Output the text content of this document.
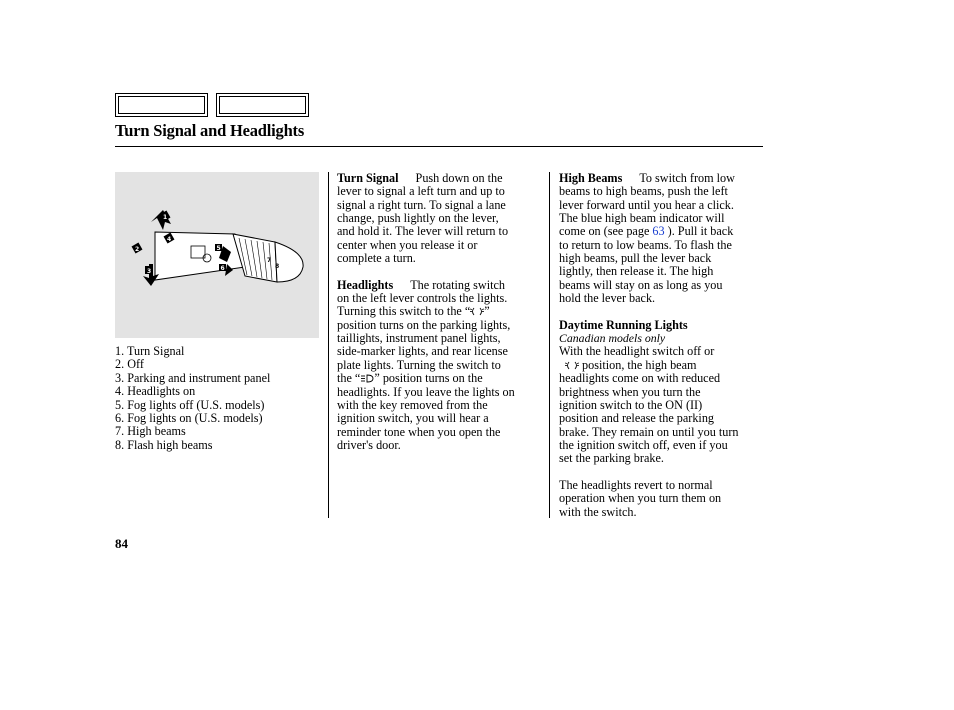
Turn Signal and Headlights
1
2
3
4
5
6
7
8
1. Turn Signal
2. Off
3. Parking and instrument panel
4. Headlights on
5. Fog lights off (U.S. models)
6. Fog lights on (U.S. models)
7. High beams
8. Flash high beams

Turn Signal Push down on the

lever to signal a left turn and up to

signal a right turn. To signal a lane

change, push lightly on the lever,

and hold it. The lever will return to

center when you release it or

complete a turn.

Headlights The rotating switch

on the left lever controls the lights.

Turning this switch to the “ ”

position turns on the parking lights,

taillights, instrument panel lights,

side-marker lights, and rear license

plate lights. Turning the switch to

the “ ” position turns on the

headlights. If you leave the lights on

with the key removed from the

ignition switch, you will hear a

reminder tone when you open the

driver's door.

High Beams To switch from low

beams to high beams, push the left

lever forward until you hear a click.

The blue high beam indicator will

come on (see page 63 ). Pull it back

to return to low beams. To flash the

high beams, pull the lever back

lightly, then release it. The high

beams will stay on as long as you

hold the lever back.

Daytime Running Lights

Canadian models only

With the headlight switch off or

position, the high beam

headlights come on with reduced

brightness when you turn the

ignition switch to the ON (II)

position and release the parking

brake. They remain on until you turn

the ignition switch off, even if you

set the parking brake.

The headlights revert to normal

operation when you turn them on

with the switch.

84
